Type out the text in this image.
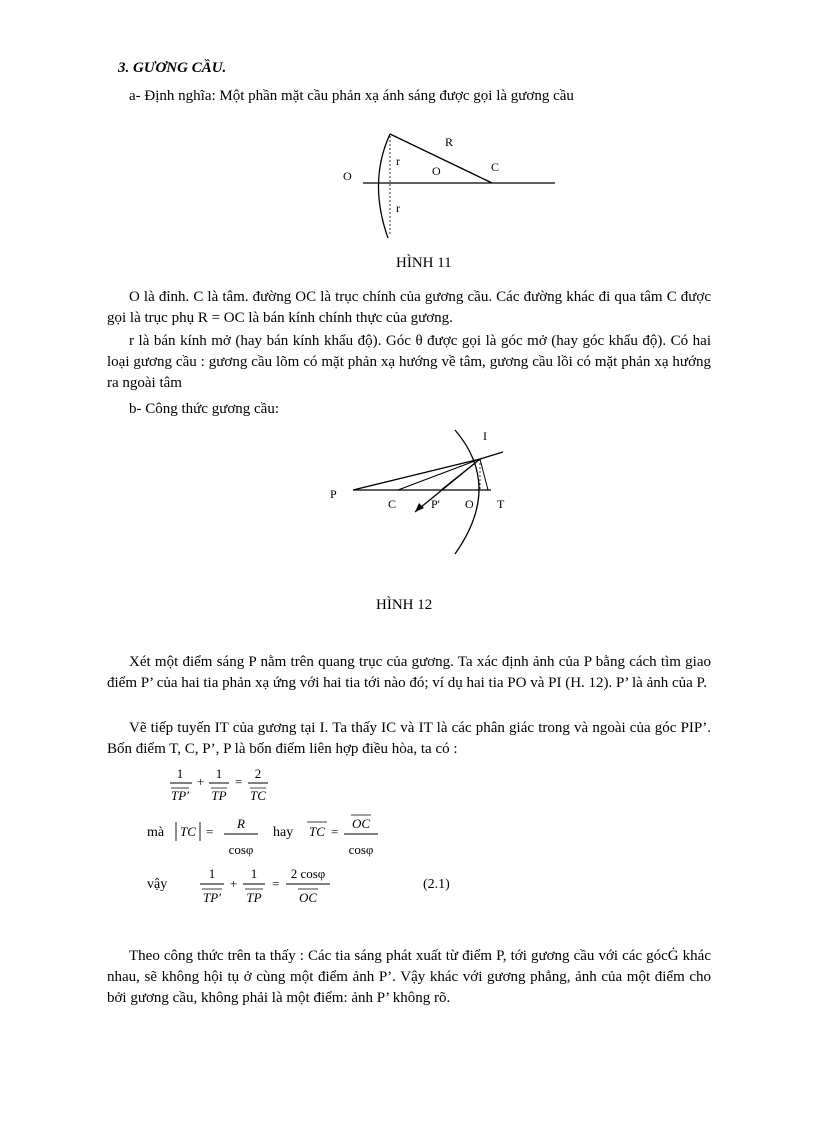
3. GƯƠNG CẦU.
a- Định nghĩa: Một phần mặt cầu phản xạ ánh sáng được gọi là gương cầu
O
r
O
R
C
r
HÌNH 11
O là đỉnh. C là tâm. đường OC là trục chính của gương cầu. Các đường khác đi qua tâm C được gọi là trục phụ R = OC là bán kính chính thực của gương.
r là bán kính mở (hay bán kính khẩu độ). Góc θ được gọi là góc mở (hay góc khẩu độ). Có hai loại gương cầu : gương cầu lõm có mặt phản xạ hướng về tâm, gương cầu lồi có mặt phản xạ hướng ra ngoài tâm
b- Công thức gương cầu:
I
P
C	P' O T
HÌNH 12
Xét một điểm sáng P nằm trên quang trục của gương. Ta xác định ảnh của P bằng cách tìm giao điểm P’ của hai tia phản xạ ứng với hai tia tới nào đó; ví dụ hai tia PO và PI (H. 12). P’ là ảnh của P.
Vẽ tiếp tuyến IT của gương tại I. Ta thấy IC và IT là các phân giác trong và ngoài của góc PIP’. Bốn điểm T, C, P’, P là bốn điểm liên hợp điều hòa, ta có :
1
TP'
+
1
TP
=
2
TC
mà TC =
R
cosφ
hay TC =
OC
cosφ
vậy
1
TP'
+
1
TP
=
2 cosφ
OC
(2.1)
Theo công thức trên ta thấy : Các tia sáng phát xuất từ điểm P, tới gương cầu với các gócĠ khác nhau, sẽ không hội tụ ở cùng một điểm ảnh P’. Vậy khác với gương phẳng, ảnh của một điểm cho bởi gương cầu, không phải là một điểm: ảnh P’ không rõ.
